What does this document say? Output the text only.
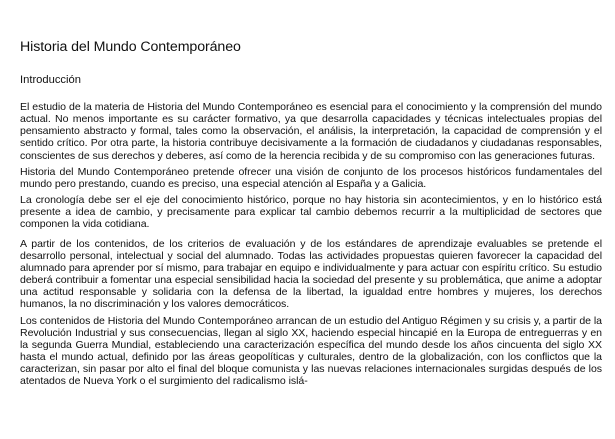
Historia del Mundo Contemporáneo
Introducción

El estudio de la materia de Historia del Mundo Contemporáneo es esencial para el conocimiento y la comprensión del mundo actual. No menos importante es su carácter formativo, ya que desarrolla capacidades y técnicas intelectuales propias del pensamiento abstracto y formal, tales como la observación, el análisis, la interpretación, la capacidad de comprensión y el sentido crítico. Por otra parte, la historia contribuye decisivamente a la formación de ciudadanos y ciudadanas responsables, conscientes de sus derechos y deberes, así como de la herencia recibida y de su compromiso con las generaciones futuras.

Historia del Mundo Contemporáneo pretende ofrecer una visión de conjunto de los procesos históricos fundamentales del mundo pero prestando, cuando es preciso, una especial atención al España y a Galicia.

La cronología debe ser el eje del conocimiento histórico, porque no hay historia sin acontecimientos, y en lo histórico está presente a idea de cambio, y precisamente para explicar tal cambio debemos recurrir a la multiplicidad de sectores que componen la vida cotidiana.

A partir de los contenidos, de los criterios de evaluación y de los estándares de aprendizaje evaluables se pretende el desarrollo personal, intelectual y social del alumnado. Todas las actividades propuestas quieren favorecer la capacidad del alumnado para aprender por sí mismo, para trabajar en equipo e individualmente y para actuar con espíritu crítico. Su estudio deberá contribuir a fomentar una especial sensibilidad hacia la sociedad del presente y su problemática, que anime a adoptar una actitud responsable y solidaria con la defensa de la libertad, la igualdad entre hombres y mujeres, los derechos humanos, la no discriminación y los valores democráticos.

Los contenidos de Historia del Mundo Contemporáneo arrancan de un estudio del Antiguo Régimen y su crisis y, a partir de la Revolución Industrial y sus consecuencias, llegan al siglo XX, haciendo especial hincapié en la Europa de entreguerras y en la segunda Guerra Mundial, estableciendo una caracterización específica del mundo desde los años cincuenta del siglo XX hasta el mundo actual, definido por las áreas geopolíticas y culturales, dentro de la globalización, con los conflictos que la caracterizan, sin pasar por alto el final del bloque comunista y las nuevas relaciones internacionales surgidas después de los atentados de Nueva York o el surgimiento del radicalismo islá-
